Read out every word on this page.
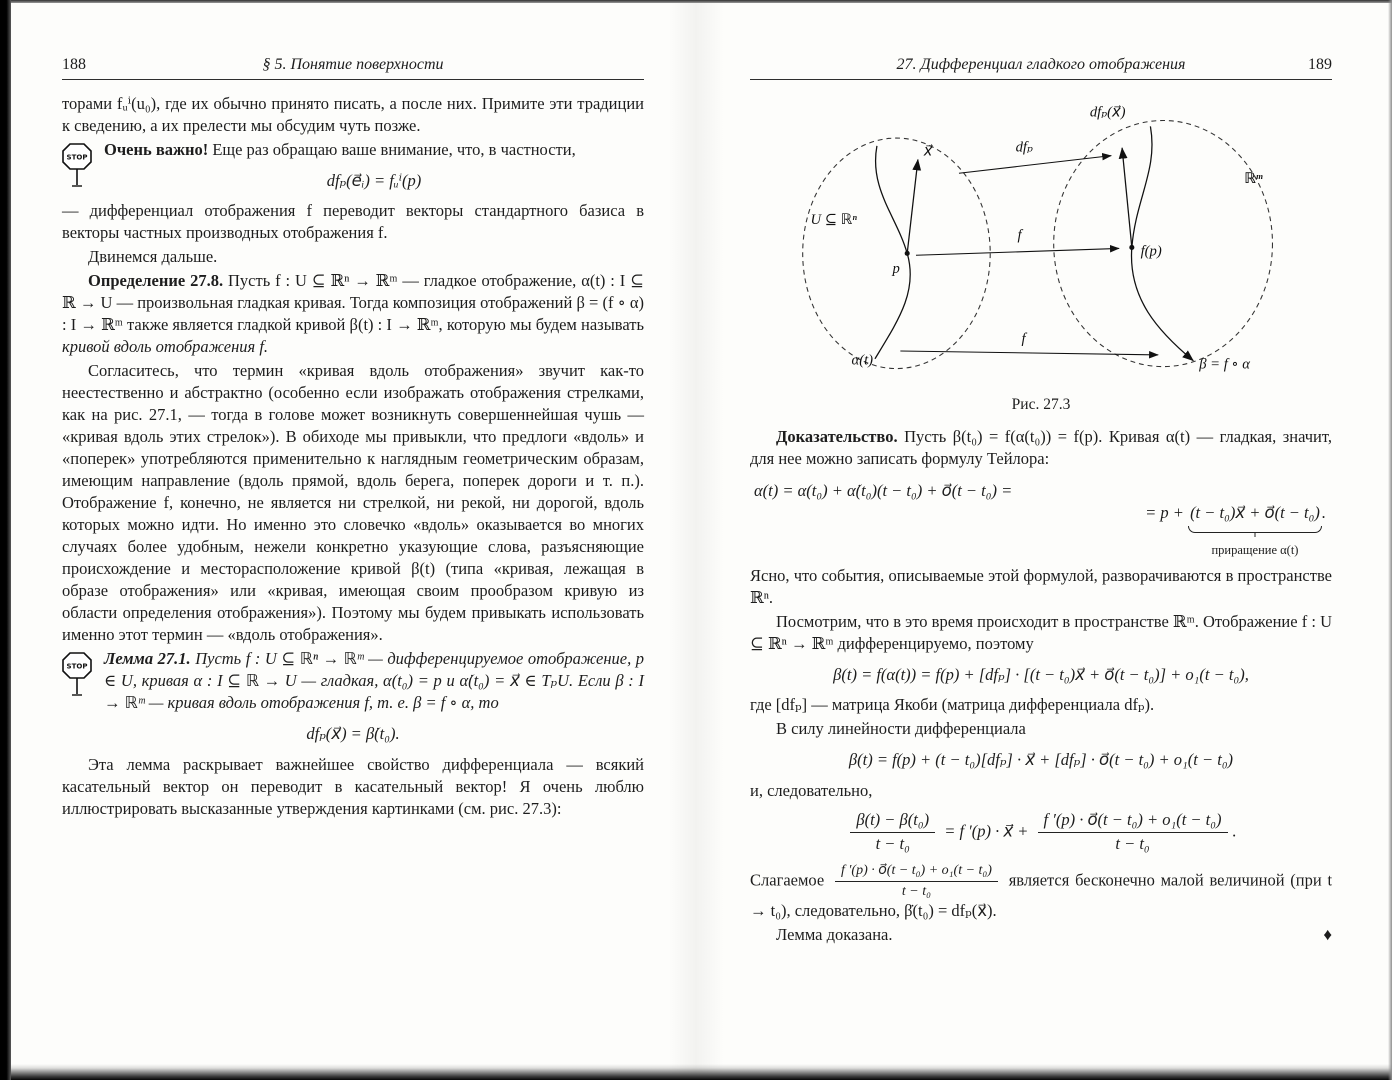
188	§ 5. Понятие поверхности

торами fᵤⁱ(u₀), где их обычно принято писать, а после них. Примите эти традиции к сведению, а их прелести мы обсудим чуть позже.

STOP	Очень важно! Еще раз обращаю ваше внимание, что, в частности,

dfₚ(e⃗ᵢ) = fᵤⁱ(p)

— дифференциал отображения f переводит векторы стандартного базиса в векторы частных производных отображения f.

Двинемся дальше.

Определение 27.8. Пусть f : U ⊆ ℝⁿ → ℝᵐ — гладкое отображение, α(t) : I ⊆ ℝ → U — произвольная гладкая кривая. Тогда композиция отображений β = (f ∘ α) : I → ℝᵐ также является гладкой кривой β(t) : I → ℝᵐ, которую мы будем называть кривой вдоль отображения f.

Согласитесь, что термин «кривая вдоль отображения» звучит как-то неестественно и абстрактно (особенно если изображать отображения стрелками, как на рис. 27.1, — тогда в голове может возникнуть совершеннейшая чушь — «кривая вдоль этих стрелок»). В обиходе мы привыкли, что предлоги «вдоль» и «поперек» употребляются применительно к наглядным геометрическим образам, имеющим направление (вдоль прямой, вдоль берега, поперек дороги и т. п.). Отображение f, конечно, не является ни стрелкой, ни рекой, ни дорогой, вдоль которых можно идти. Но именно это словечко «вдоль» оказывается во многих случаях более удобным, нежели конкретно указующие слова, разъясняющие происхождение и месторасположение кривой β(t) (типа «кривая, лежащая в образе отображения» или «кривая, имеющая своим прообразом кривую из области определения отображения»). Поэтому мы будем привыкать использовать именно этот термин — «вдоль отображения».

STOP	Лемма 27.1. Пусть f : U ⊆ ℝⁿ → ℝᵐ — дифференцируемое отображение, p ∈ U, кривая α : I ⊆ ℝ → U — гладкая, α(t₀) = p и α̇(t₀) = x⃗ ∈ TₚU. Если β : I → ℝᵐ — кривая вдоль отображения f, т. е. β = f ∘ α, то

dfₚ(x⃗) = β̇(t₀).

Эта лемма раскрывает важнейшее свойство дифференциала — всякий касательный вектор он переводит в касательный вектор! Я очень люблю иллюстрировать высказанные утверждения картинками (см. рис. 27.3):

27. Дифференциал гладкого отображения	189
U ⊆ ℝⁿ
ℝᵐ
x⃗
dfₚ(x⃗)
dfₚ
f
f
p
f(p)
α(t)	β = f ∘ α
Рис. 27.3

Доказательство. Пусть β(t₀) = f(α(t₀)) = f(p). Кривая α(t) — гладкая, значит, для нее можно записать формулу Тейлора:

α(t) = α(t₀) + α̇(t₀)(t − t₀) + o⃗(t − t₀) =
= p + (t − t₀)x⃗ + o⃗(t − t₀)
приращение α(t)
.

Ясно, что события, описываемые этой формулой, разворачиваются в пространстве ℝⁿ.

Посмотрим, что в это время происходит в пространстве ℝᵐ. Отображение f : U ⊆ ℝⁿ → ℝᵐ дифференцируемо, поэтому

β(t) = f(α(t)) = f(p) + [dfₚ] · [(t − t₀)x⃗ + o⃗(t − t₀)] + o₁(t − t₀),

где [dfₚ] — матрица Якоби (матрица дифференциала dfₚ).

В силу линейности дифференциала

β(t) = f(p) + (t − t₀)[dfₚ] · x⃗ + [dfₚ] · o⃗(t − t₀) + o₁(t − t₀)

и, следовательно,

$\frac{\text{β(t) − β(t₀)}}{\text{t − t₀}} = f$ ′(p) · x⃗ + $\frac{\text{f ′(p) · o⃗(t − t₀) + o₁(t − t₀)}}{\text{t − t₀}}$ .

Слагаемое $\frac{\text{f ′(p) · o⃗(t − t₀) + o₁(t − t₀)}}{\text{t − t₀}}$ является бесконечно малой величиной (при t → t₀), следовательно, β̇(t₀) = dfₚ(x⃗).

Лемма доказана.	♦
